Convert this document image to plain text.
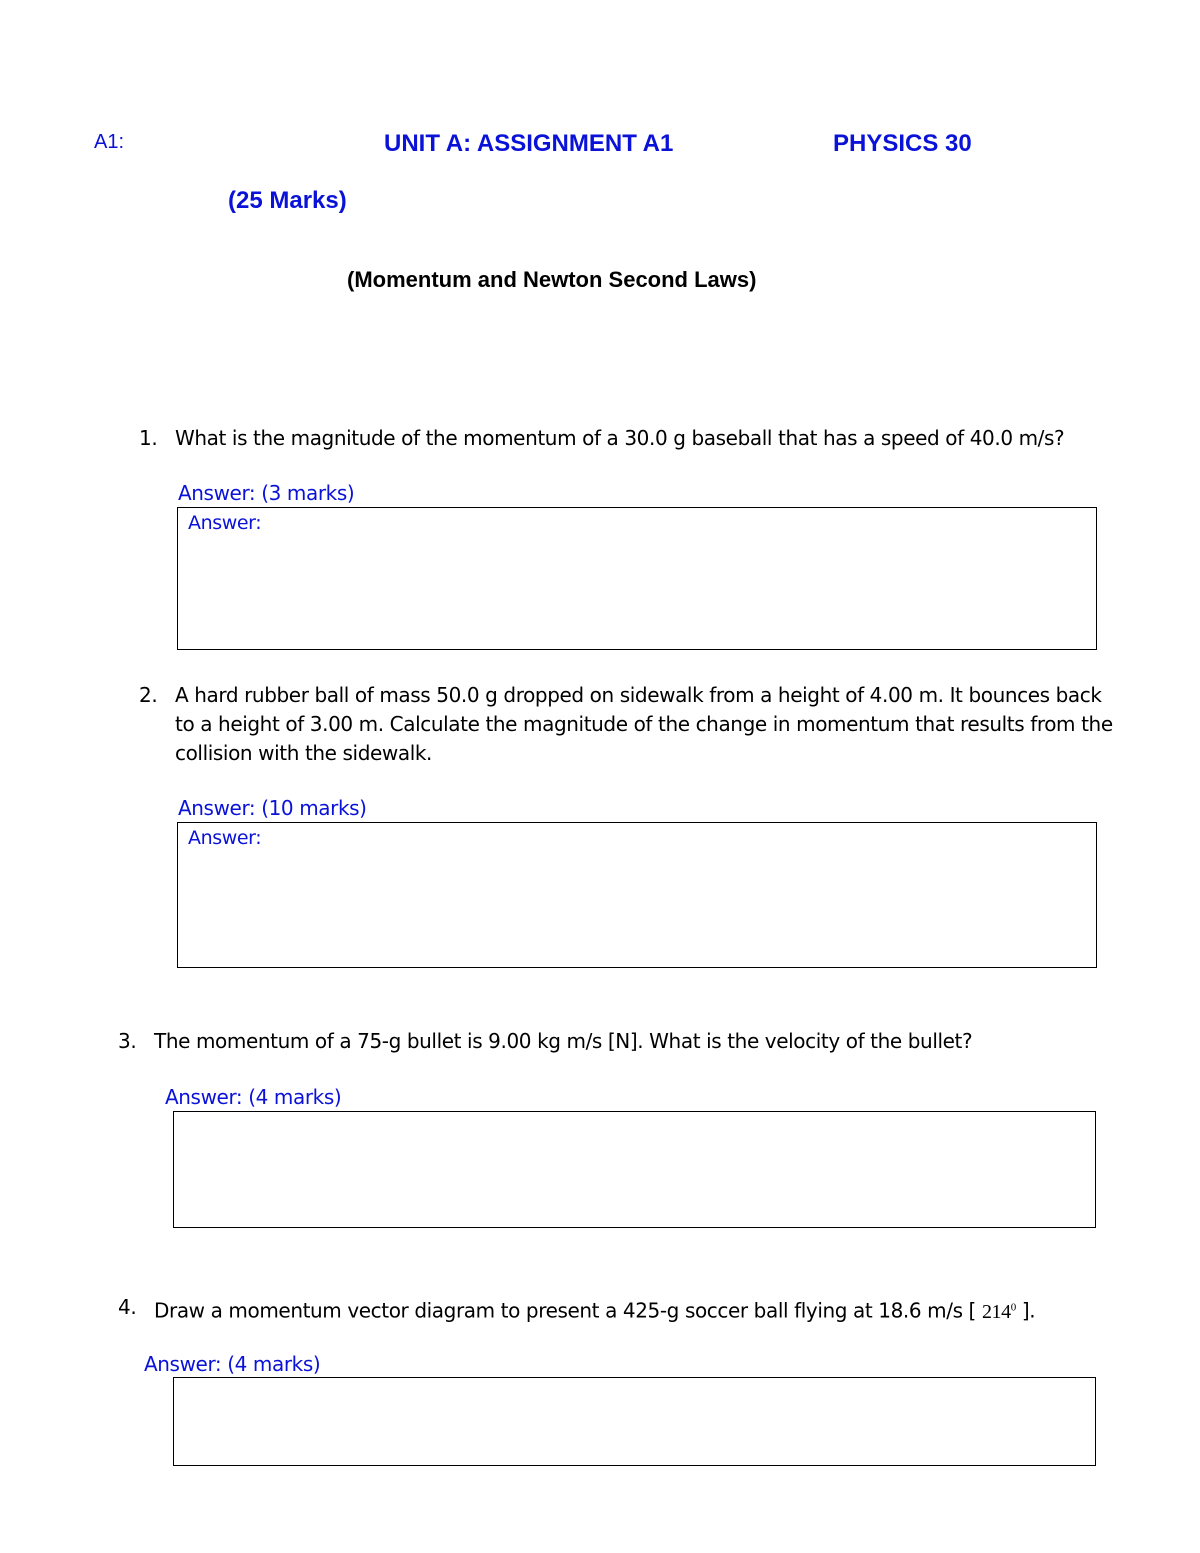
A1:	UNIT A: ASSIGNMENT A1	PHYSICS 30
(25 Marks)
(Momentum and Newton Second Laws)
1. What is the magnitude of the momentum of a 30.0 g baseball that has a speed of 40.0 m/s?
Answer: (3 marks)
Answer:
2. A hard rubber ball of mass 50.0 g dropped on sidewalk from a height of 4.00 m. It bounces back
to a height of 3.00 m. Calculate the magnitude of the change in momentum that results from the
collision with the sidewalk.
Answer: (10 marks)
Answer:
3. The momentum of a 75-g bullet is 9.00 kg m/s [N]. What is the velocity of the bullet?
Answer: (4 marks)
4. Draw a momentum vector diagram to present a 425-g soccer ball flying at 18.6 m/s [ $214^0$ ].
Answer: (4 marks)
